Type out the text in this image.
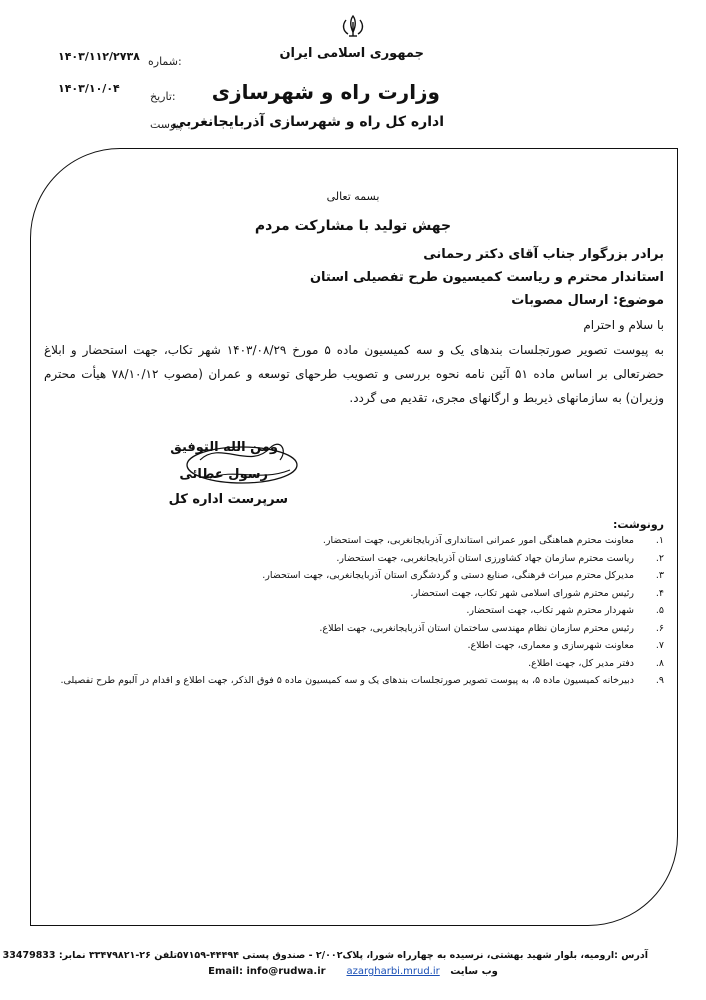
جمهوری اسلامی ایران
وزارت راه و شهرسازی
اداره کل راه و شهرسازی آذربایجانغربی
شماره:
۱۴۰۳/۱۱۲/۲۷۳۸
تاریخ:
۱۴۰۳/۱۰/۰۴
پیوست
بسمه تعالی
جهش تولید با مشارکت مردم
برادر بزرگوار جناب آقای دکتر رحمانی
استاندار محترم و ریاست کمیسیون طرح تفصیلی استان
موضوع: ارسال مصوبات
با سلام و احترام
به پیوست تصویر صورتجلسات بندهای یک و سه کمیسیون ماده ۵ مورخ ۱۴۰۳/۰۸/۲۹ شهر تکاب، جهت استحضار و ابلاغ حضرتعالی بر اساس ماده ۵۱ آئین نامه نحوه بررسی و تصویب طرحهای توسعه و عمران (مصوب ۷۸/۱۰/۱۲ هیأت محترم وزیران) به سازمانهای ذیربط و ارگانهای مجری، تقدیم می گردد.
ومن الله التوفیق
رسول عطائی
سرپرست اداره کل
رونوشت:
۱.
معاونت محترم هماهنگی امور عمرانی استانداری آذربایجانغربی، جهت استحضار.
۲.
ریاست محترم سازمان جهاد کشاورزی استان آذربایجانغربی، جهت استحضار.
۳.
مدیرکل محترم میراث فرهنگی، صنایع دستی و گردشگری استان آذربایجانغربی، جهت استحضار.
۴.
رئیس محترم شورای اسلامی شهر تکاب، جهت استحضار.
۵.
شهردار محترم شهر تکاب، جهت استحضار.
۶.
رئیس محترم سازمان نظام مهندسی ساختمان استان آذربایجانغربی، جهت اطلاع.
۷.
معاونت شهرسازی و معماری، جهت اطلاع.
۸.
دفتر مدیر کل، جهت اطلاع.
۹.
دبیرخانه کمیسیون ماده ۵، به پیوست تصویر صورتجلسات بندهای یک و سه کمیسیون ماده ۵ فوق الذکر، جهت اطلاع و اقدام در آلبوم طرح تفصیلی.
آدرس :ارومیه، بلوار شهید بهشتی، نرسیده به چهارراه شورا، پلاک۲/۰۰۲ - صندوق پستی ۴۴۴۹۴-۵۷۱۵۹تلفن ۲۶-۳۳۴۷۹۸۲۱ نمابر: 33479833
Email: info@rudwa.ir azargharbi.mrud.ir وب سایت
